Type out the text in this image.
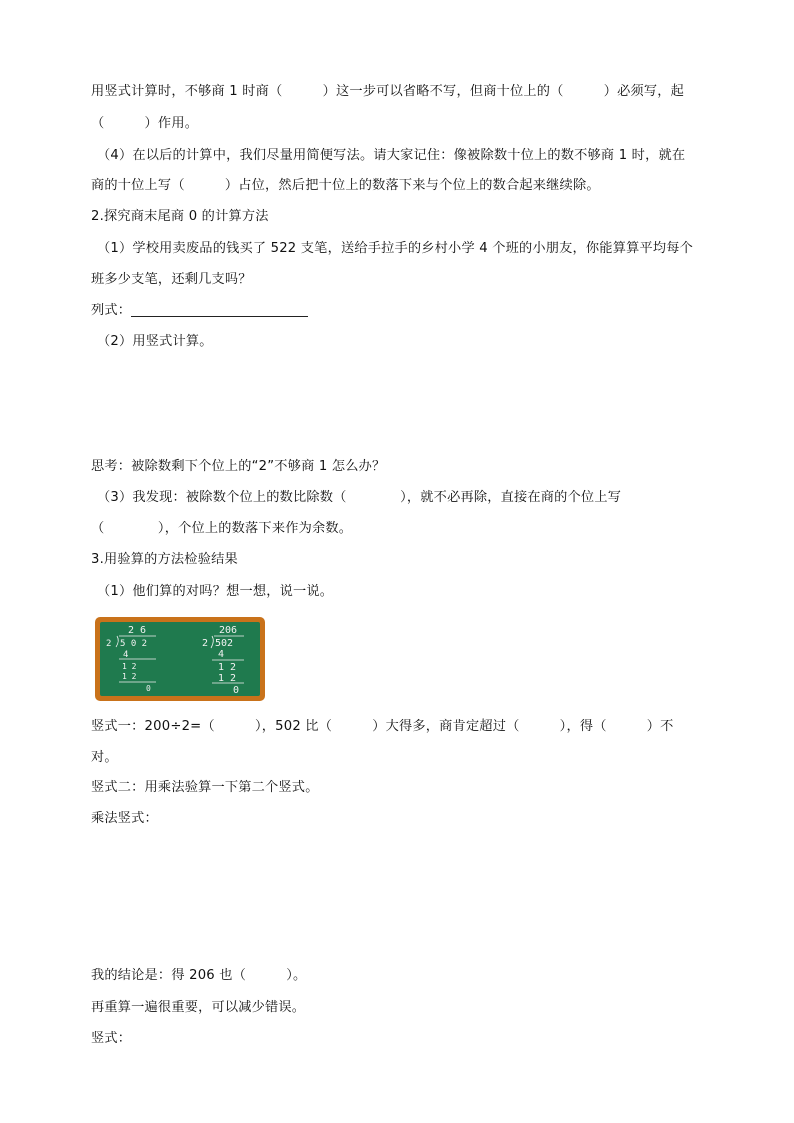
用竖式计算时，不够商 1 时商（　　　）这一步可以省略不写，但商十位上的（　　　）必须写，起
（　　　）作用。
（4）在以后的计算中，我们尽量用简便写法。请大家记住：像被除数十位上的数不够商 1 时，就在
商的十位上写（　　　）占位，然后把十位上的数落下来与个位上的数合起来继续除。
2.探究商末尾商 0 的计算方法
（1）学校用卖废品的钱买了 522 支笔，送给手拉手的乡村小学 4 个班的小朋友，你能算算平均每个
班多少支笔，还剩几支吗？
列式：
（2）用竖式计算。
思考：被除数剩下个位上的“2”不够商 1 怎么办？
（3）我发现：被除数个位上的数比除数（　　　　），就不必再除，直接在商的个位上写
（　　　　），个位上的数落下来作为余数。
3.用验算的方法检验结果
（1）他们算的对吗？想一想，说一说。
2 6
2 5 0 2
4
1 2
1 2
0
206
2 502
4
1 2
1 2
0
竖式一：200÷2=（　　　），502 比（　　　）大得多，商肯定超过（　　　），得（　　　）不
对。
竖式二：用乘法验算一下第二个竖式。
乘法竖式：
我的结论是：得 206 也（　　　）。
再重算一遍很重要，可以减少错误。
竖式：
